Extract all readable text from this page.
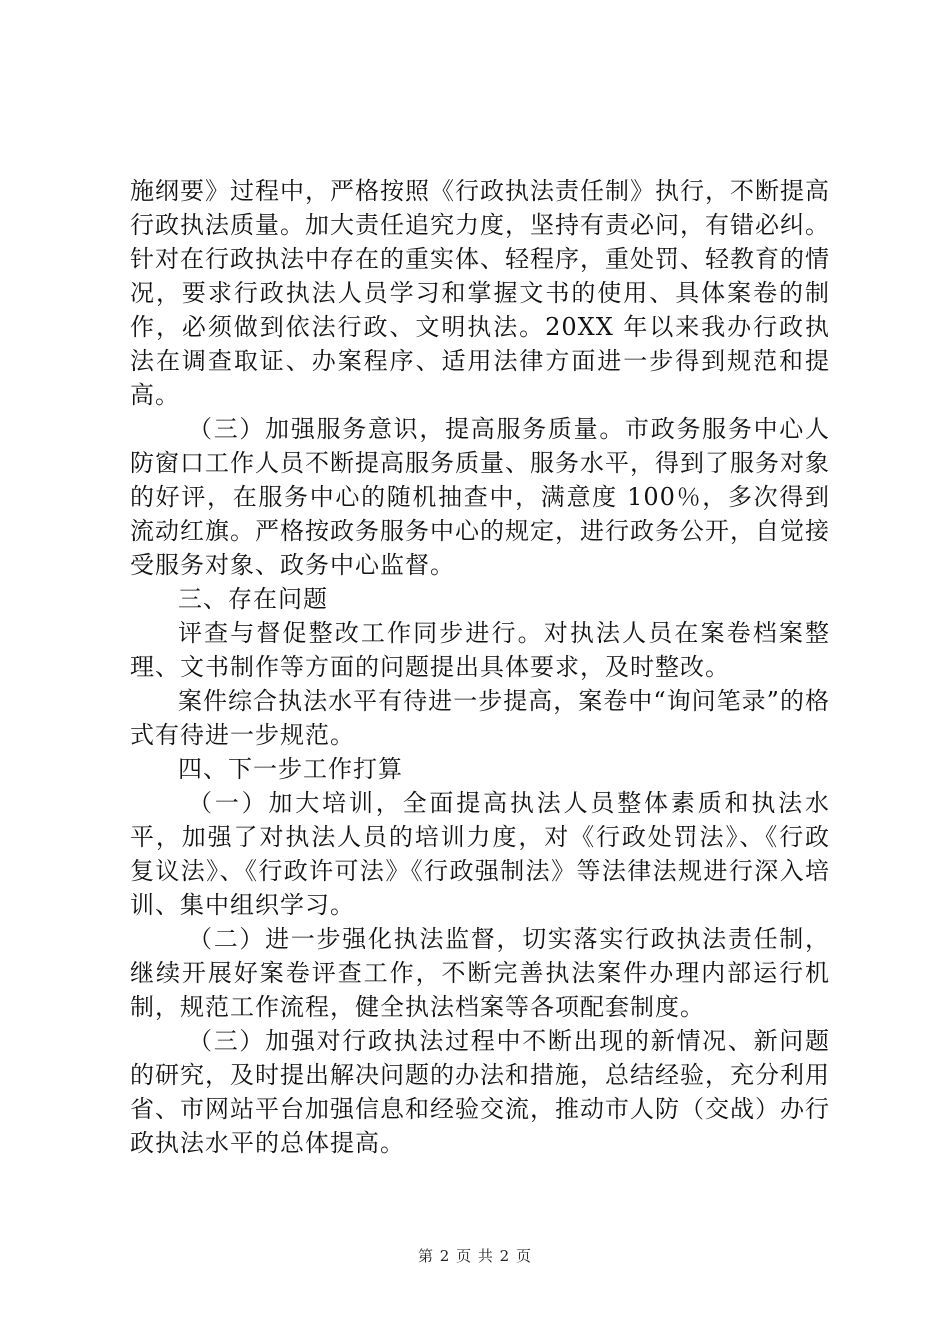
施纲要》过程中，严格按照《行政执法责任制》执行，不断提高行政执法质量。加大责任追究力度，坚持有责必问，有错必纠。针对在行政执法中存在的重实体、轻程序，重处罚、轻教育的情况，要求行政执法人员学习和掌握文书的使用、具体案卷的制作，必须做到依法行政、文明执法。20XX 年以来我办行政执法在调查取证、办案程序、适用法律方面进一步得到规范和提高。

（三）加强服务意识，提高服务质量。市政务服务中心人防窗口工作人员不断提高服务质量、服务水平，得到了服务对象的好评，在服务中心的随机抽查中，满意度 100％，多次得到流动红旗。严格按政务服务中心的规定，进行政务公开，自觉接受服务对象、政务中心监督。

三、存在问题

评查与督促整改工作同步进行。对执法人员在案卷档案整理、文书制作等方面的问题提出具体要求，及时整改。

案件综合执法水平有待进一步提高，案卷中“询问笔录”的格式有待进一步规范。

四、下一步工作打算

（一）加大培训，全面提高执法人员整体素质和执法水平，加强了对执法人员的培训力度，对《行政处罚法》、《行政复议法》、《行政许可法》《行政强制法》等法律法规进行深入培训、集中组织学习。

（二）进一步强化执法监督，切实落实行政执法责任制，继续开展好案卷评查工作，不断完善执法案件办理内部运行机制，规范工作流程，健全执法档案等各项配套制度。

（三）加强对行政执法过程中不断出现的新情况、新问题的研究，及时提出解决问题的办法和措施，总结经验，充分利用省、市网站平台加强信息和经验交流，推动市人防（交战）办行政执法水平的总体提高。

第 2 页 共 2 页
